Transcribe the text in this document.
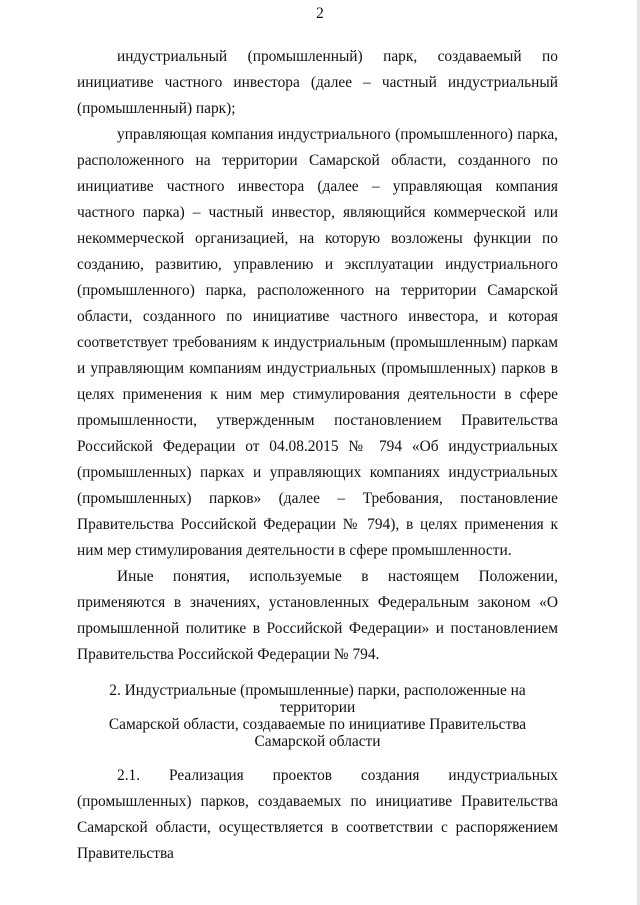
2

индустриальный (промышленный) парк, создаваемый по инициативе частного инвестора (далее – частный индустриальный (промышленный) парк);

управляющая компания индустриального (промышленного) парка, расположенного на территории Самарской области, созданного по инициативе частного инвестора (далее – управляющая компания частного парка) – частный инвестор, являющийся коммерческой или некоммерческой организацией, на которую возложены функции по созданию, развитию, управлению и эксплуатации индустриального (промышленного) парка, расположенного на территории Самарской области, созданного по инициативе частного инвестора, и которая соответствует требованиям к индустриальным (промышленным) паркам и управляющим компаниям индустриальных (промышленных) парков в целях применения к ним мер стимулирования деятельности в сфере промышленности, утвержденным постановлением Правительства Российской Федерации от 04.08.2015 № 794 «Об индустриальных (промышленных) парках и управляющих компаниях индустриальных (промышленных) парков» (далее – Требования, постановление Правительства Российской Федерации № 794), в целях применения к ним мер стимулирования деятельности в сфере промышленности.

Иные понятия, используемые в настоящем Положении, применяются в значениях, установленных Федеральным законом «О промышленной политике в Российской Федерации» и постановлением Правительства Российской Федерации № 794.

2. Индустриальные (промышленные) парки, расположенные на территории
Самарской области, создаваемые по инициативе Правительства
Самарской области

2.1. Реализация проектов создания индустриальных (промышленных) парков, создаваемых по инициативе Правительства Самарской области, осуществляется в соответствии с распоряжением Правительства
